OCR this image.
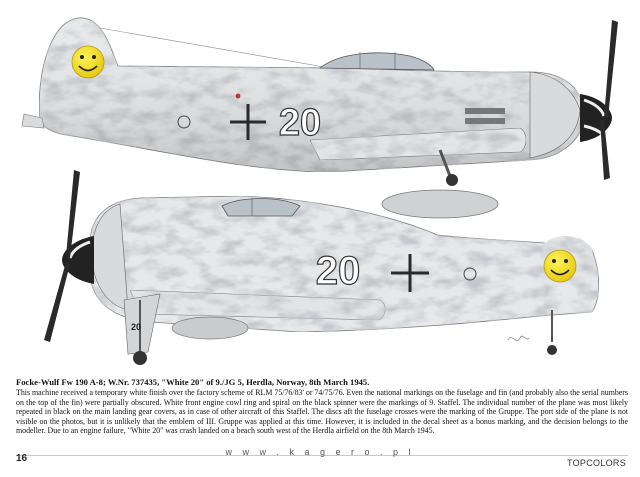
20
20
20
Focke-Wulf Fw 190 A-8; W.Nr. 737435, "White 20" of 9./JG 5, Herdla, Norway, 8th March 1945.
This machine received a temporary white finish over the factory scheme of RLM 75/76/83' or 74/75/76. Even the national markings on the fuselage and fin (and probably also the serial numbers on the top of the fin) were partially obscured. White front engine cowl ring and spiral on the black spinner were the markings of 9. Staffel. The individual number of the plane was most likely repeated in black on the main landing gear covers, as in case of other aircraft of this Staffel. The discs aft the fuselage crosses were the marking of the Gruppe. The port side of the plane is not visible on the photos, but it is unlikely that the emblem of III. Gruppe was applied at this time. However, it is included in the decal sheet as a bonus marking, and the decision belongs to the modeller. Due to an engine failure, "White 20" was crash landed on a beach south west of the Herdla airfield on the 8th March 1945.
16
w w w . k a g e r o . p l
TOPCOLORS
